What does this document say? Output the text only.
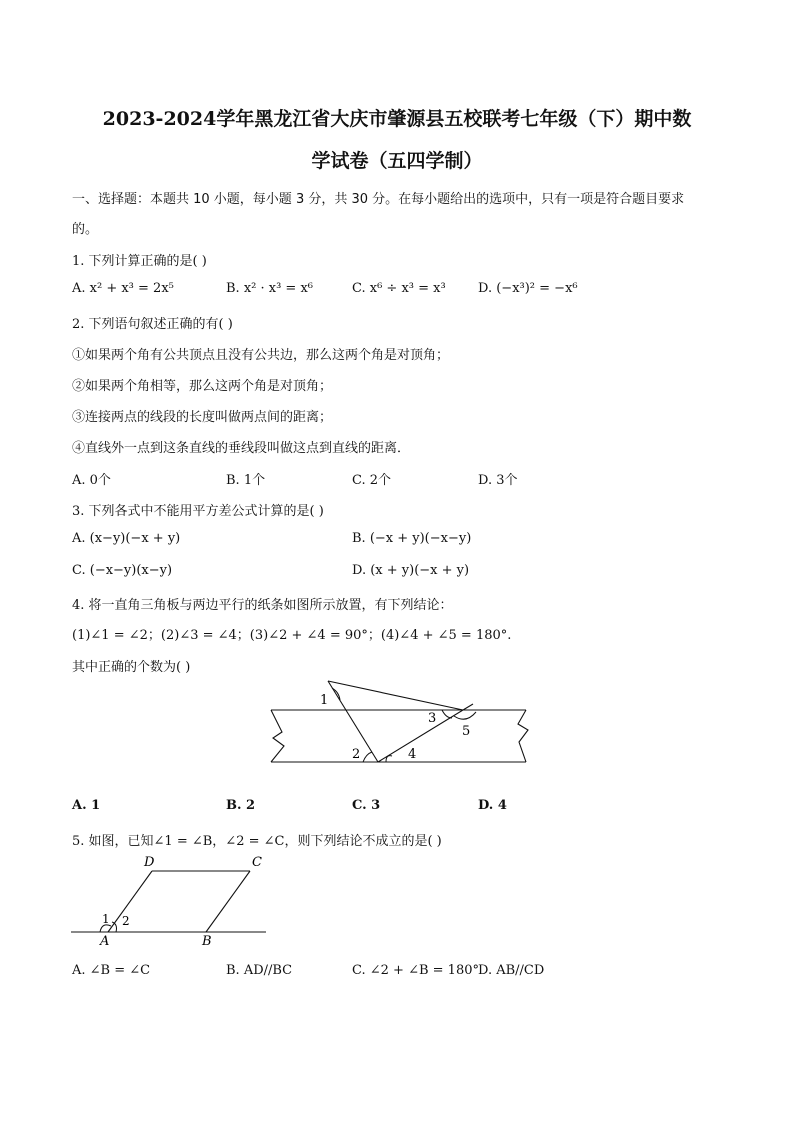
2023-2024学年黑龙江省大庆市肇源县五校联考七年级（下）期中数
学试卷（五四学制）
一、选择题：本题共 10 小题，每小题 3 分，共 30 分。在每小题给出的选项中，只有一项是符合题目要求
的。
1. 下列计算正确的是( )
A. x² + x³ = 2x⁵	B. x² · x³ = x⁶	C. x⁶ ÷ x³ = x³ D. (−x³)² = −x⁶
2. 下列语句叙述正确的有( )
①如果两个角有公共顶点且没有公共边，那么这两个角是对顶角；
②如果两个角相等，那么这两个角是对顶角；
③连接两点的线段的长度叫做两点间的距离；
④直线外一点到这条直线的垂线段叫做这点到直线的距离．
A. 0个	B. 1个	C. 2个	D. 3个
3. 下列各式中不能用平方差公式计算的是( )
A. (x−y)(−x + y)	B. (−x + y)(−x−y)
C. (−x−y)(x−y)	D. (x + y)(−x + y)
4. 将一直角三角板与两边平行的纸条如图所示放置，有下列结论：
(1)∠1 = ∠2；(2)∠3 = ∠4；(3)∠2 + ∠4 = 90°；(4)∠4 + ∠5 = 180°.
其中正确的个数为( )
1
2
3
4
5
A. 1	B. 2	C. 3	D. 4
5. 如图，已知∠1 = ∠B，∠2 = ∠C，则下列结论不成立的是( )
D	C
A	B
1 2
A. ∠B = ∠C	B. AD//BC	C. ∠2 + ∠B = 180° D. AB//CD
